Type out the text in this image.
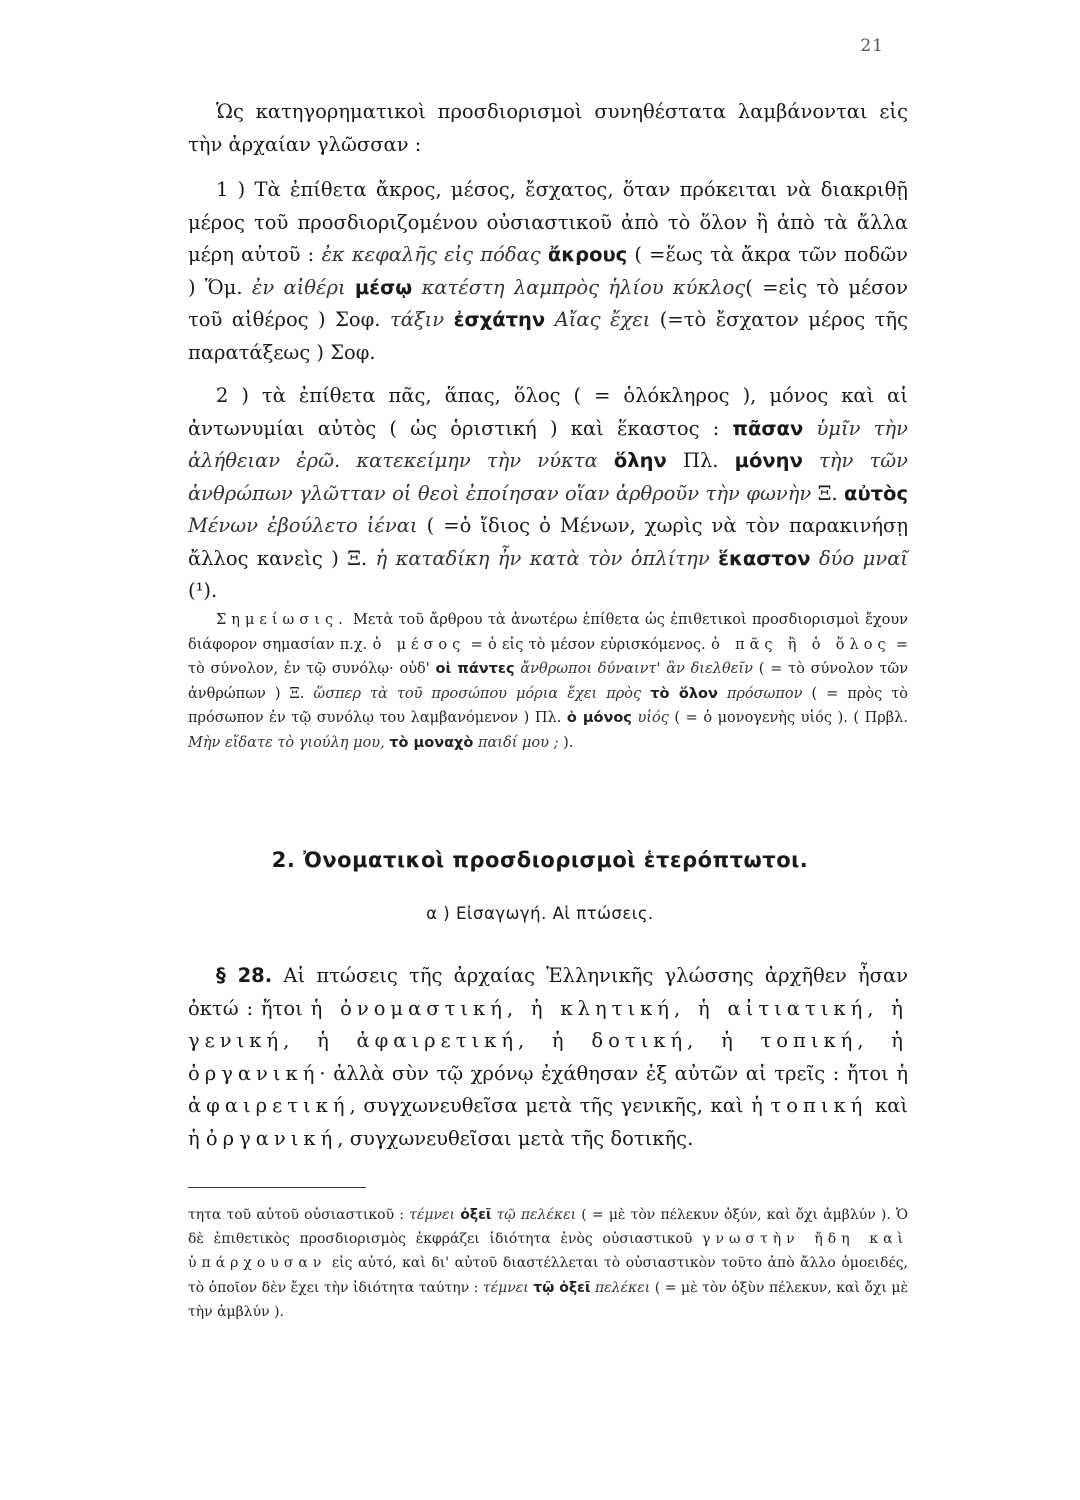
21

Ὡς κατηγορηματικοὶ προσδιορισμοὶ συνηθέστατα λαμβάνονται εἰς τὴν ἀρχαίαν γλῶσσαν :

1 ) Τὰ ἐπίθετα ἄκρος, μέσος, ἔσχατος, ὅταν πρόκειται νὰ διακριθῇ μέρος τοῦ προσδιοριζομένου οὐσιαστικοῦ ἀπὸ τὸ ὅλον ἢ ἀπὸ τὰ ἄλλα μέρη αὐτοῦ : ἐκ κεφαλῆς εἰς πόδας ἄκρους ( =ἕως τὰ ἄκρα τῶν ποδῶν ) Ὅμ. ἐν αἰθέρι μέσῳ κατέστη λαμπρὸς ἡλίου κύκλος( =εἰς τὸ μέσον τοῦ αἰθέρος ) Σοφ. τάξιν ἐσχάτην Αἴας ἔχει (=τὸ ἔσχατον μέρος τῆς παρατάξεως ) Σοφ.

2 ) τὰ ἐπίθετα πᾶς, ἅπας, ὅλος ( = ὁλόκληρος ), μόνος καὶ αἱ ἀντωνυμίαι αὐτὸς ( ὡς ὁριστική ) καὶ ἕκαστος : πᾶσαν ὑμῖν τὴν ἀλήθειαν ἐρῶ. κατεκείμην τὴν νύκτα ὅλην Πλ. μόνην τὴν τῶν ἀνθρώπων γλῶτταν οἱ θεοὶ ἐποίησαν οἵαν ἀρθροῦν τὴν φωνὴν Ξ. αὐτὸς Μένων ἐβούλετο ἰέναι ( =ὁ ἴδιος ὁ Μένων, χωρὶς νὰ τὸν παρακινήσῃ ἄλλος κανεὶς ) Ξ. ἡ καταδίκη ἦν κατὰ τὸν ὁπλίτην ἕκαστον δύο μναῖ (¹).

Σημείωσις. Μετὰ τοῦ ἄρθρου τὰ ἀνωτέρω ἐπίθετα ὡς ἐπιθετικοὶ προσδιορισμοὶ ἔχουν διάφορον σημασίαν π.χ. ὁ μέσος = ὁ εἰς τὸ μέσον εὑρισκόμενος. ὁ πᾶς ἢ ὁ ὅλος = τὸ σύνολον, ἐν τῷ συνόλῳ· οὐδ' οἱ πάντες ἄνθρωποι δύναιντ' ἂν διελθεῖν ( = τὸ σύνολον τῶν ἀνθρώπων ) Ξ. ὥσπερ τὰ τοῦ προσώπου μόρια ἔχει πρὸς τὸ ὅλον πρόσωπον ( = πρὸς τὸ πρόσωπον ἐν τῷ συνόλῳ του λαμβανόμενον ) Πλ. ὁ μόνος υἱός ( = ὁ μονογενὴς υἱός ). ( Πρβλ. Μὴν εἴδατε τὸ γιούλη μου, τὸ μοναχὸ παιδί μου ; ).

2. Ὀνοματικοὶ προσδιορισμοὶ ἑτερόπτωτοι.
α ) Εἰσαγωγή. Αἱ πτώσεις.

§ 28. Αἱ πτώσεις τῆς ἀρχαίας Ἑλληνικῆς γλώσσης ἀρχῆθεν ἦσαν ὀκτώ : ἤτοι ἡ ὀνομαστική, ἡ κλητική, ἡ αἰτιατική, ἡ γενική, ἡ ἀφαιρετική, ἡ δοτική, ἡ τοπική, ἡ ὀργανική· ἀλλὰ σὺν τῷ χρόνῳ ἐχάθησαν ἐξ αὐτῶν αἱ τρεῖς : ἤτοι ἡ ἀφαιρετική, συγχωνευθεῖσα μετὰ τῆς γενικῆς, καὶ ἡ τοπική καὶ ἡ ὀργανική, συγχωνευθεῖσαι μετὰ τῆς δοτικῆς.

τητα τοῦ αὐτοῦ οὐσιαστικοῦ : τέμνει ὀξεῖ τῷ πελέκει ( = μὲ τὸν πέλεκυν ὀξύν, καὶ ὄχι ἀμβλύν ). Ὁ δὲ ἐπιθετικὸς προσδιορισμὸς ἐκφράζει ἰδιότητα ἑνὸς οὐσιαστικοῦ γνωστὴν ἤδη καὶ ὑπάρχουσαν εἰς αὐτό, καὶ δι' αὐτοῦ διαστέλλεται τὸ οὐσιαστικὸν τοῦτο ἀπὸ ἄλλο ὁμοειδές, τὸ ὁποῖον δὲν ἔχει τὴν ἰδιότητα ταύτην : τέμνει τῷ ὀξεῖ πελέκει ( = μὲ τὸν ὀξὺν πέλεκυν, καὶ ὄχι μὲ τὴν ἀμβλύν ).
